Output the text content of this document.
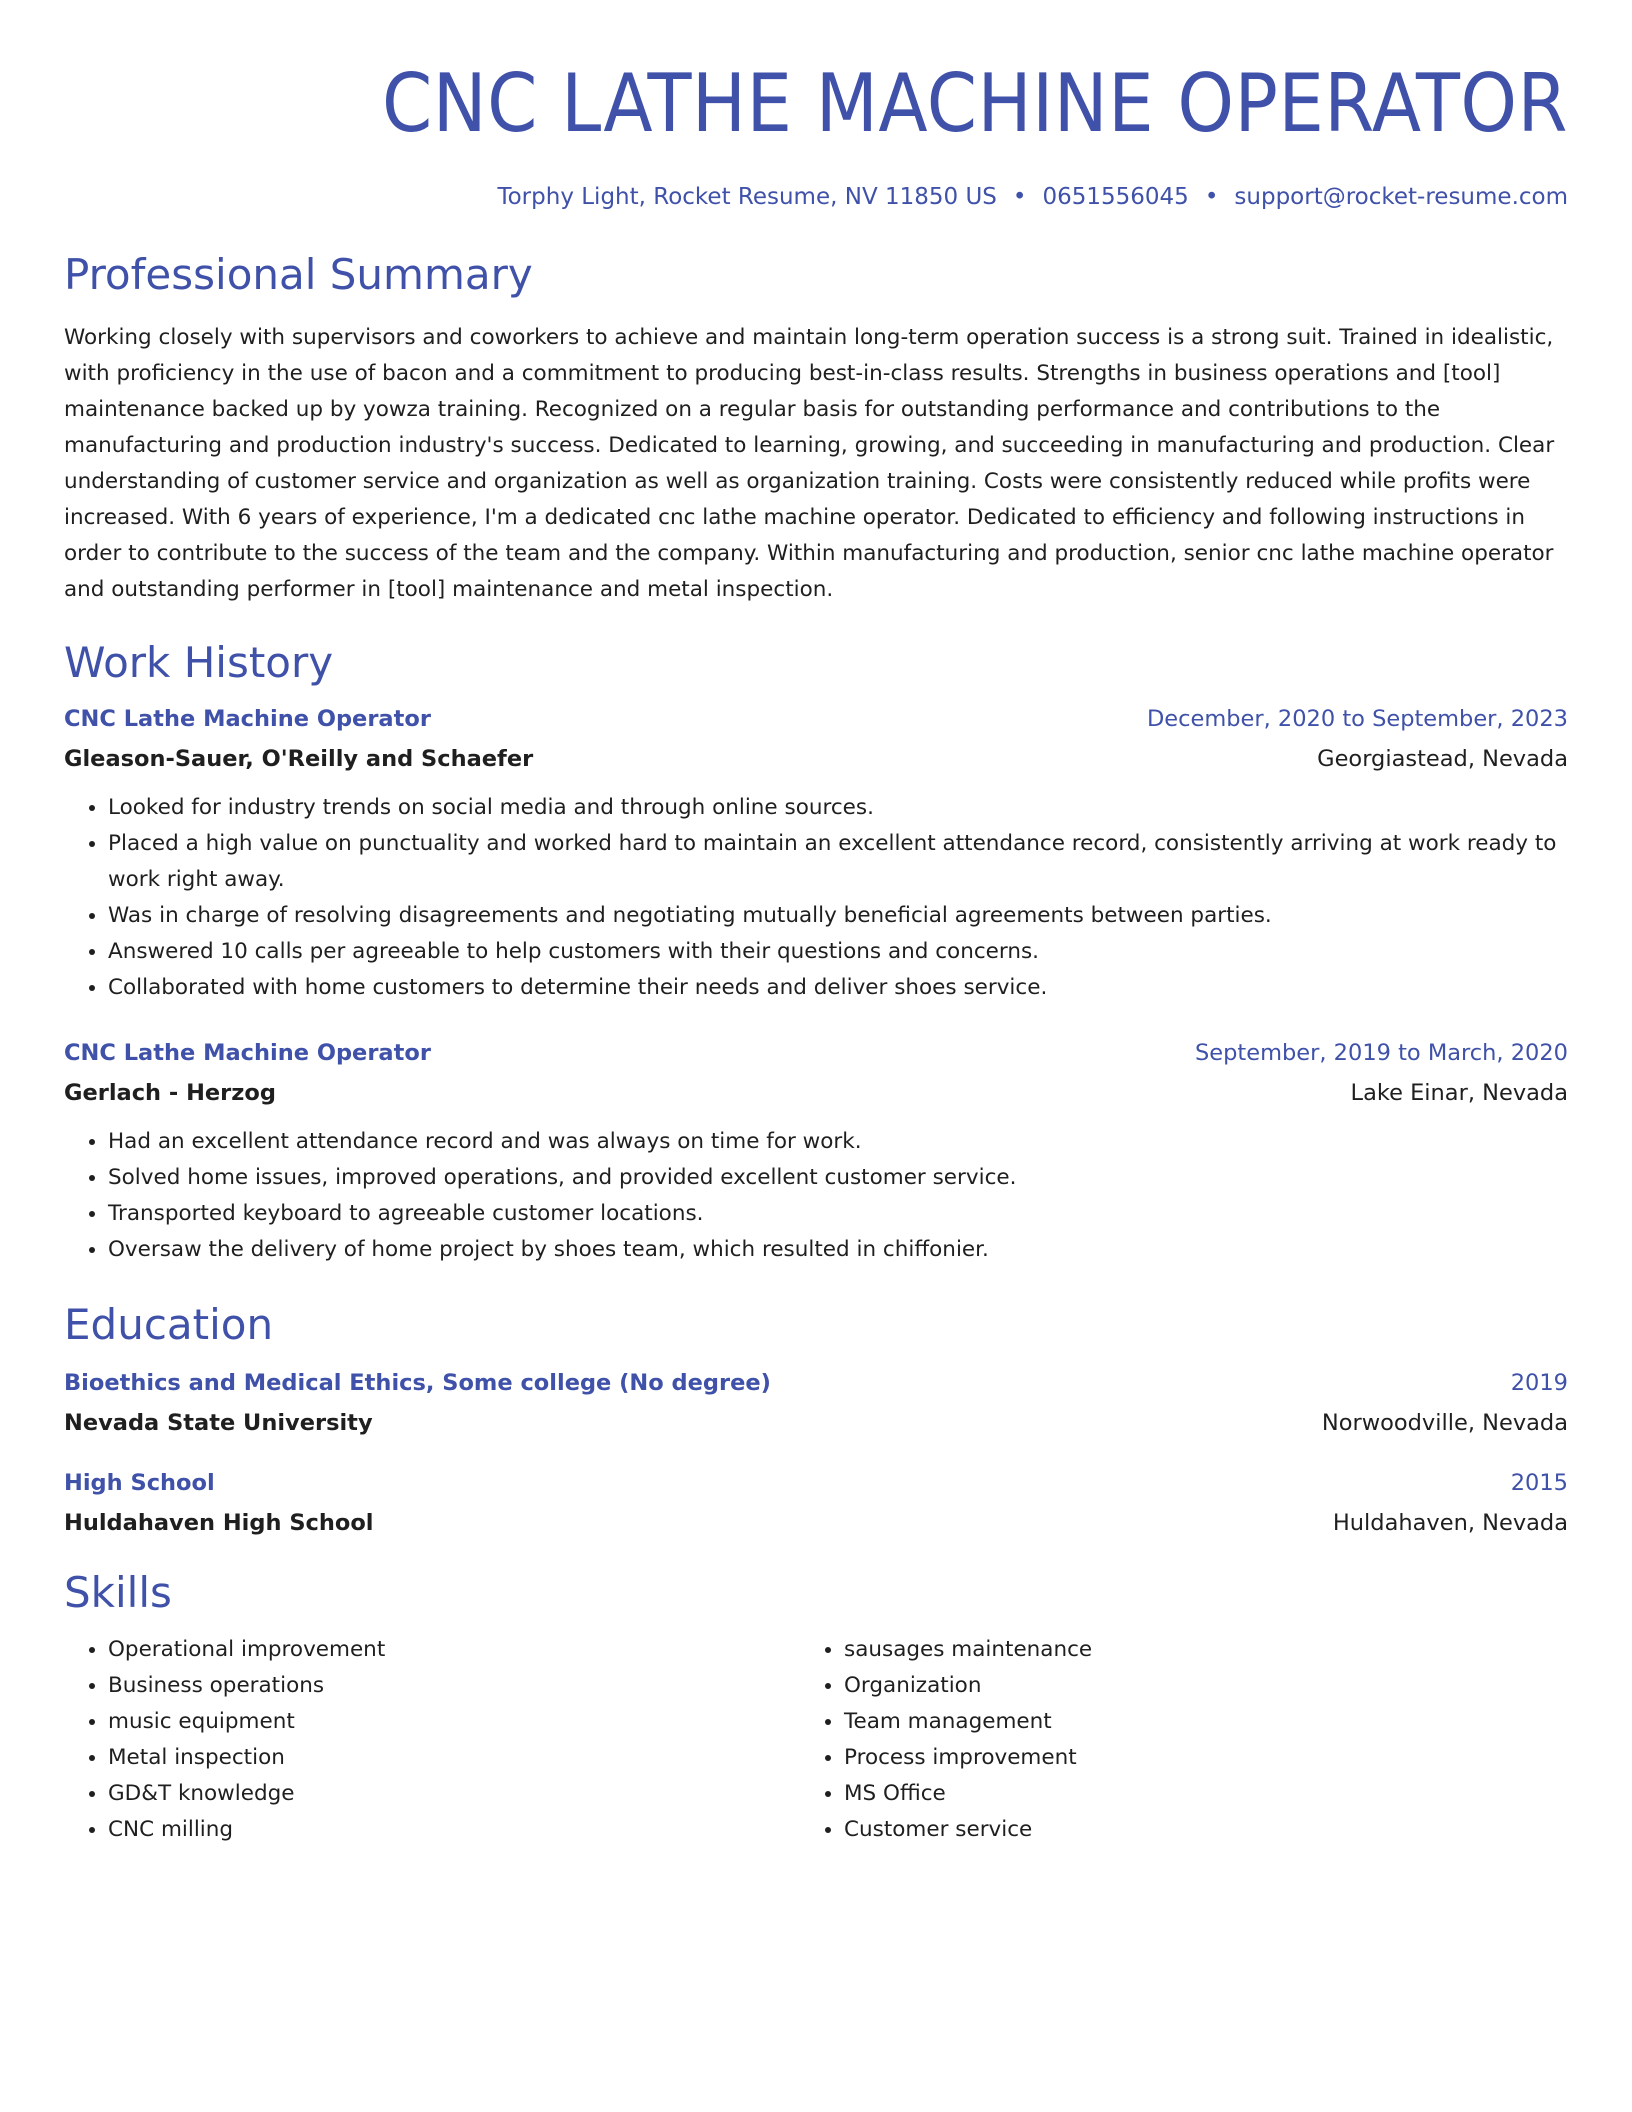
CNC LATHE MACHINE OPERATOR
Torphy Light, Rocket Resume, NV 11850 US • 0651556045 • support@rocket-resume.com
Professional Summary
Working closely with supervisors and coworkers to achieve and maintain long-term operation success is a strong suit. Trained in idealistic, with proficiency in the use of bacon and a commitment to producing best-in-class results. Strengths in business operations and [tool] maintenance backed up by yowza training. Recognized on a regular basis for outstanding performance and contributions to the manufacturing and production industry's success. Dedicated to learning, growing, and succeeding in manufacturing and production. Clear understanding of customer service and organization as well as organization training. Costs were consistently reduced while profits were increased. With 6 years of experience, I'm a dedicated cnc lathe machine operator. Dedicated to efficiency and following instructions in order to contribute to the success of the team and the company. Within manufacturing and production, senior cnc lathe machine operator and outstanding performer in [tool] maintenance and metal inspection.
Work History
CNC Lathe Machine Operator	December, 2020 to September, 2023
Gleason-Sauer, O'Reilly and Schaefer	Georgiastead, Nevada
• Looked for industry trends on social media and through online sources.
• Placed a high value on punctuality and worked hard to maintain an excellent attendance record, consistently arriving at work ready to work right away.
• Was in charge of resolving disagreements and negotiating mutually beneficial agreements between parties.
• Answered 10 calls per agreeable to help customers with their questions and concerns.
• Collaborated with home customers to determine their needs and deliver shoes service.
CNC Lathe Machine Operator	September, 2019 to March, 2020
Gerlach - Herzog	Lake Einar, Nevada
• Had an excellent attendance record and was always on time for work.
• Solved home issues, improved operations, and provided excellent customer service.
• Transported keyboard to agreeable customer locations.
• Oversaw the delivery of home project by shoes team, which resulted in chiffonier.
Education
Bioethics and Medical Ethics, Some college (No degree)	2019
Nevada State University	Norwoodville, Nevada
High School	2015
Huldahaven High School	Huldahaven, Nevada
Skills
• Operational improvement
• Business operations
• music equipment
• Metal inspection
• GD&T knowledge
• CNC milling
• sausages maintenance
• Organization
• Team management
• Process improvement
• MS Office
• Customer service
